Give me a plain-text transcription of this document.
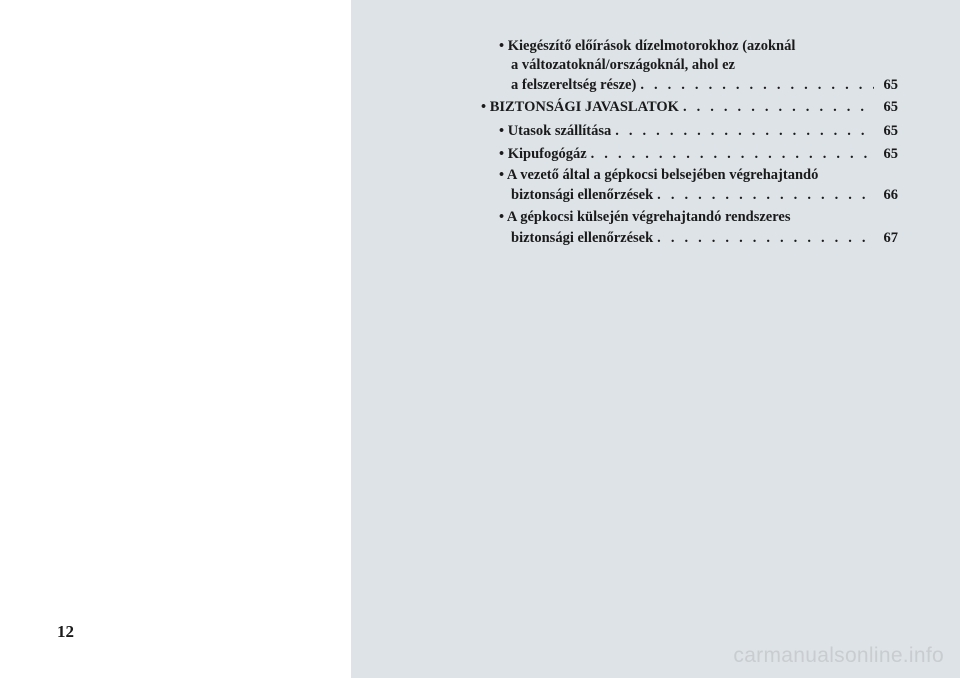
12
• Kiegészítő előírások dízelmotorokhoz (azoknál
a változatoknál/országoknál, ahol ez
a felszereltség része) . . .	65
• BIZTONSÁGI JAVASLATOK . . .	65
• Utasok szállítása . . .	65
• Kipufogógáz . . .	65
• A vezető által a gépkocsi belsejében végrehajtandó
biztonsági ellenőrzések . . .	66
• A gépkocsi külsején végrehajtandó rendszeres
biztonsági ellenőrzések . . .	67
carmanualsonline.info
